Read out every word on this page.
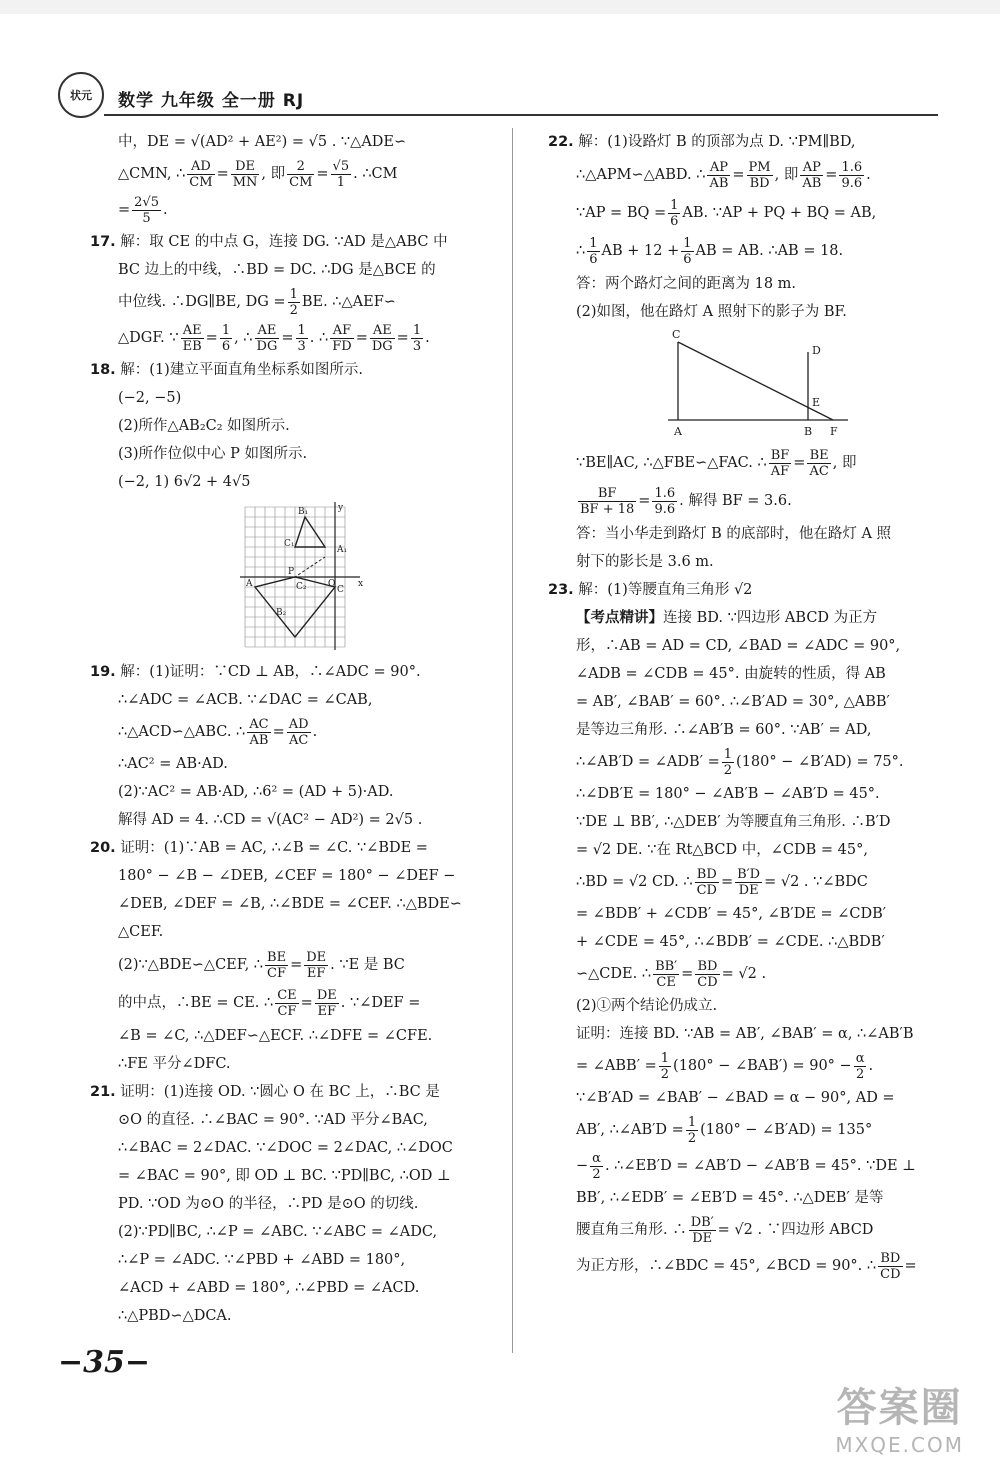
状元	数学 九年级 全一册 RJ
中，DE = √(AD² + AE²) = √5 . ∵△ADE∽
△CMN, ∴ $\frac{AD}{CM} = \frac{DE}{MN}$ , 即 $\frac{2}{CM} = \frac{√5}{1}$ . ∴CM
= $\frac{2√5}{5}$ .
17. 解：取 CE 的中点 G，连接 DG. ∵AD 是△ABC 中
BC 边上的中线，∴BD = DC. ∴DG 是△BCE 的
中位线. ∴DG∥BE, DG = $\frac{1}{2}$ BE. ∴△AEF∽
△DGF. ∵ $\frac{AE}{EB} = \frac{1}{6}$ , ∴ $\frac{AE}{DG} = \frac{1}{3}$ . ∴ $\frac{AF}{FD} = \frac{AE}{DG} = \frac{1}{3}$ .
18. 解：(1)建立平面直角坐标系如图所示.
(−2, −5)
(2)所作△AB₂C₂ 如图所示.
(3)所作位似中心 P 如图所示.
(−2, 1) 6√2 + 4√5
B₁
C₁
A₁
A
C
B₂
C₂
P
O	x
y
19. 解：(1)证明：∵CD ⊥ AB，∴∠ADC = 90°.
∴∠ADC = ∠ACB. ∵∠DAC = ∠CAB,
∴△ACD∽△ABC. ∴ $\frac{AC}{AB} = \frac{AD}{AC}$ .
∴AC² = AB·AD.
(2)∵AC² = AB·AD, ∴6² = (AD + 5)·AD.
解得 AD = 4. ∴CD = √(AC² − AD²) = 2√5 .
20. 证明：(1)∵AB = AC, ∴∠B = ∠C. ∵∠BDE =
180° − ∠B − ∠DEB, ∠CEF = 180° − ∠DEF −
∠DEB, ∠DEF = ∠B, ∴∠BDE = ∠CEF. ∴△BDE∽
△CEF.
(2)∵△BDE∽△CEF, ∴ $\frac{BE}{CF} = \frac{DE}{EF}$ . ∵E 是 BC
的中点，∴BE = CE. ∴ $\frac{CE}{CF} = \frac{DE}{EF}$ . ∵∠DEF =
∠B = ∠C, ∴△DEF∽△ECF. ∴∠DFE = ∠CFE.
∴FE 平分∠DFC.
21. 证明：(1)连接 OD. ∵圆心 O 在 BC 上，∴BC 是
⊙O 的直径. ∴∠BAC = 90°. ∵AD 平分∠BAC,
∴∠BAC = 2∠DAC. ∵∠DOC = 2∠DAC, ∴∠DOC
= ∠BAC = 90°, 即 OD ⊥ BC. ∵PD∥BC, ∴OD ⊥
PD. ∵OD 为⊙O 的半径，∴PD 是⊙O 的切线.
(2)∵PD∥BC, ∴∠P = ∠ABC. ∵∠ABC = ∠ADC,
∴∠P = ∠ADC. ∵∠PBD + ∠ABD = 180°,
∠ACD + ∠ABD = 180°, ∴∠PBD = ∠ACD.
∴△PBD∽△DCA.
22. 解：(1)设路灯 B 的顶部为点 D. ∵PM∥BD,
∴△APM∽△ABD. ∴ $\frac{AP}{AB} = \frac{PM}{BD}$ , 即 $\frac{AP}{AB} = \frac{1.6}{9.6}$ .
∵AP = BQ = $\frac{1}{6}$ AB. ∵AP + PQ + BQ = AB,
∴ $\frac{1}{6}$ AB + $12 + \frac{1}{6}$ AB = AB. ∴AB = 18.
答：两个路灯之间的距离为 18 m.
(2)如图，他在路灯 A 照射下的影子为 BF.
C
D
E
A	B F
∵BE∥AC, ∴△FBE∽△FAC. ∴ $\frac{BF}{AF} = \frac{BE}{AC}$ , 即
$\frac{BF}{BF + 18} = \frac{1.6}{9.6}$ . 解得 BF = 3.6.
答：当小华走到路灯 B 的底部时，他在路灯 A 照
射下的影长是 3.6 m.
23. 解：(1)等腰直角三角形 √2
【考点精讲】连接 BD. ∵四边形 ABCD 为正方
形，∴AB = AD = CD, ∠BAD = ∠ADC = 90°,
∠ADB = ∠CDB = 45°. 由旋转的性质，得 AB
= AB′, ∠BAB′ = 60°. ∴∠B′AD = 30°, △ABB′
是等边三角形. ∴∠AB′B = 60°. ∵AB′ = AD,
∴∠AB′D = ∠ADB′ = $\frac{1}{2} (180^\circ$ − ∠B′AD) = 75°.
∴∠DB′E = 180° − ∠AB′B − ∠AB′D = 45°.
∵DE ⊥ BB′, ∴△DEB′ 为等腰直角三角形. ∴B′D
= √2 DE. ∵在 Rt△BCD 中，∠CDB = 45°,
∴BD = √2 CD. ∴ $\frac{BD}{CD} = \frac{B'D}{DE} = √2$ . ∵∠BDC
= ∠BDB′ + ∠CDB′ = 45°, ∠B′DE = ∠CDB′
+ ∠CDE = 45°, ∴∠BDB′ = ∠CDE. ∴△BDB′
∽△CDE. ∴ $\frac{BB'}{CE} = \frac{BD}{CD} = √2$ .
(2)①两个结论仍成立.
证明：连接 BD. ∵AB = AB′, ∠BAB′ = α, ∴∠AB′B
= ∠ABB′ = $\frac{1}{2} (180^\circ$ − ∠BAB′) = $90^\circ - \frac{\alpha}{2}$ .
∵∠B′AD = ∠BAB′ − ∠BAD = α − 90°, AD =
AB′, ∴∠AB′D = $\frac{1}{2} (180^\circ$ − ∠B′AD) = 135°
− $\frac{\alpha}{2}$ . ∴∠EB′D = ∠AB′D − ∠AB′B = 45°. ∵DE ⊥
BB′, ∴∠EDB′ = ∠EB′D = 45°. ∴△DEB′ 是等
腰直角三角形. ∴ $\frac{DB'}{DE} = √2$ . ∵四边形 ABCD
为正方形，∴∠BDC = 45°, ∠BCD = 90°. ∴ $\frac{BD}{CD}$ =
−35−
答案圈
MXQE.COM
